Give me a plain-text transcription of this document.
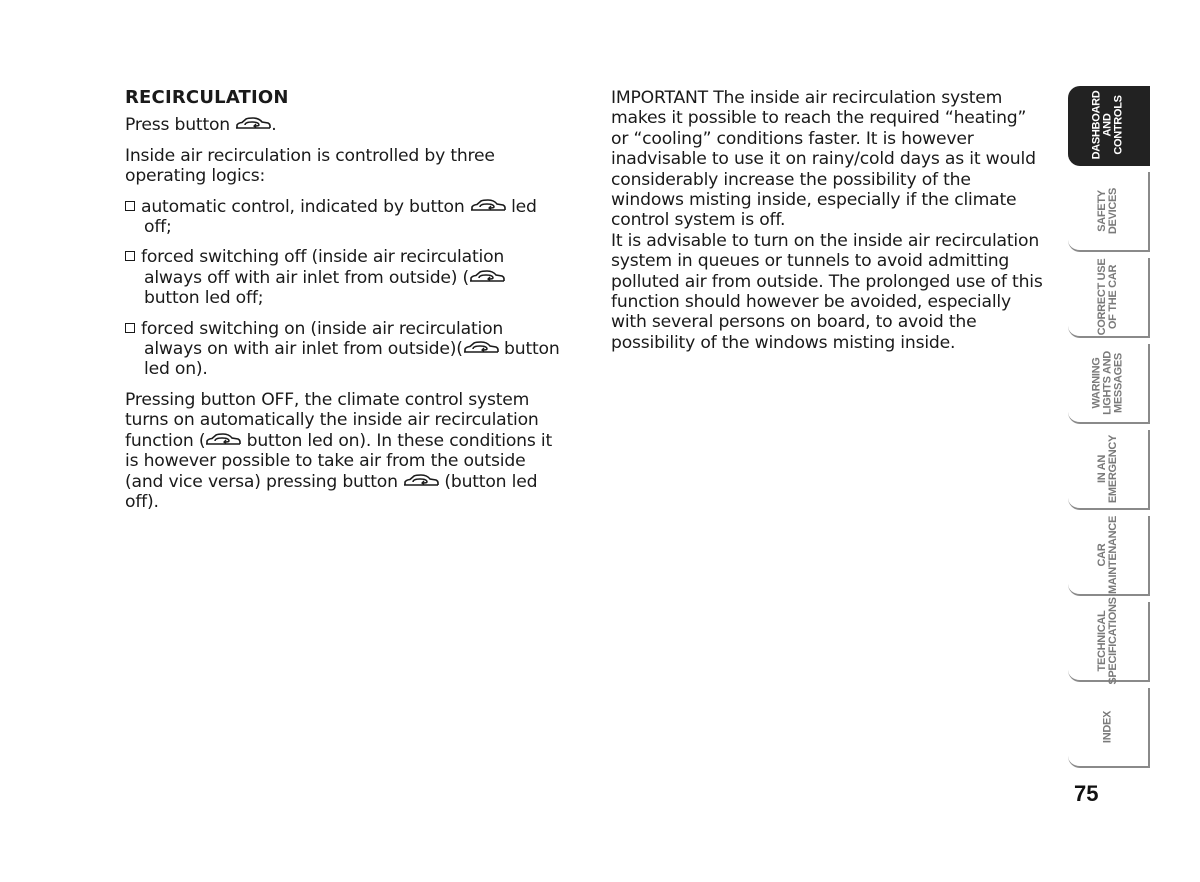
RECIRCULATION
Press button .
Inside air recirculation is controlled by three operating logics:
automatic control, indicated by button	led off;
forced switching off (inside air recirculation always off with air inlet from outside) (
button led off;
forced switching on (inside air recirculation always on with air inlet from outside)( button led on).
Pressing button OFF, the climate control system turns on automatically the inside air recirculation function ( button led on). In these conditions it is however possible to take air from the outside (and vice versa) pressing button	(button led off).
IMPORTANT The inside air recirculation system makes it possible to reach the required “heating” or “cooling” conditions faster. It is however inadvisable to use it on rainy/cold days as it would considerably increase the possibility of the windows misting inside, especially if the climate control system is off.
It is advisable to turn on the inside air recirculation system in queues or tunnels to avoid admitting polluted air from outside. The prolonged use of this function should however be avoided, especially with several persons on board, to avoid the possibility of the windows misting inside.
DASHBOARD
AND
CONTROLS
SAFETY
DEVICES
CORRECT USE
OF THE CAR
WARNING
LIGHTS AND
MESSAGES
IN AN
EMERGENCY
CAR
MAINTENANCE
TECHNICAL
SPECIFICATIONS
INDEX
75
